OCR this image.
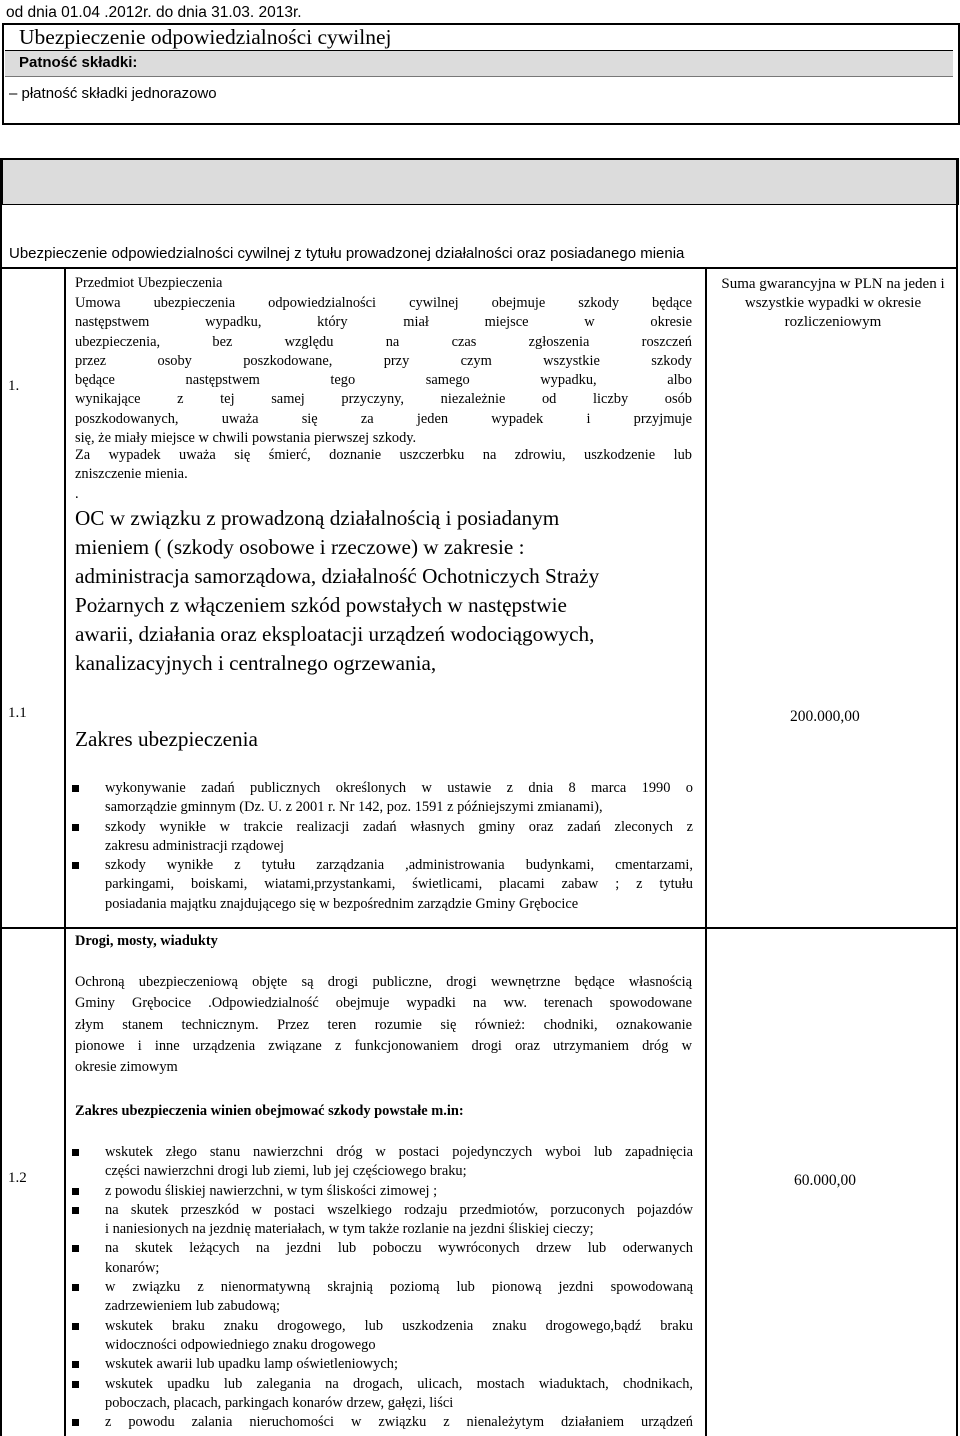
od dnia 01.04 .2012r. do dnia 31.03. 2013r.
Ubezpieczenie odpowiedzialności cywilnej
Patność składki:
– płatność składki jednorazowo
Ubezpieczenie odpowiedzialności cywilnej z tytułu prowadzonej działalności oraz posiadanego mienia
1.
Przedmiot Ubezpieczenia
Umowa ubezpieczenia odpowiedzialności cywilnej obejmuje szkody będące
następstwem wypadku, który miał miejsce w okresie
ubezpieczenia, bez względu na czas zgłoszenia roszczeń
przez osoby poszkodowane, przy czym wszystkie szkody
będące następstwem tego samego wypadku, albo
wynikające z tej samej przyczyny, niezależnie od liczby osób
poszkodowanych, uważa się za jeden wypadek i przyjmuje
się, że miały miejsce w chwili powstania pierwszej szkody.
Za wypadek uważa się śmierć, doznanie uszczerbku na zdrowiu, uszkodzenie lub
zniszczenie mienia.
.
OC w związku z prowadzoną działalnością i posiadanym
mieniem ( (szkody osobowe i rzeczowe) w zakresie :
administracja samorządowa, działalność Ochotniczych Straży
Pożarnych z włączeniem szkód powstałych w następstwie
awarii, działania oraz eksploatacji urządzeń wodociągowych,
kanalizacyjnych i centralnego ogrzewania,
Suma gwarancyjna w PLN na jeden i wszystkie wypadki w okresie rozliczeniowym
1.1
Zakres ubezpieczenia
200.000,00
wykonywanie zadań publicznych określonych w ustawie z dnia 8 marca 1990 o
samorządzie gminnym (Dz. U. z 2001 r. Nr 142, poz. 1591 z późniejszymi zmianami),
szkody wynikłe w trakcie realizacji zadań własnych gminy oraz zadań zleconych z
zakresu administracji rządowej
szkody wynikłe z tytułu zarządzania ,administrowania budynkami, cmentarzami,
parkingami, boiskami, wiatami,przystankami, świetlicami, placami zabaw ; z tytułu
posiadania majątku znajdującego się w bezpośrednim zarządzie Gminy Grębocice
1.2
Drogi, mosty, wiadukty
Ochroną ubezpieczeniową objęte są drogi publiczne, drogi wewnętrzne będące własnością
Gminy Grębocice .Odpowiedzialność obejmuje wypadki na ww. terenach spowodowane
złym stanem technicznym. Przez teren rozumie się również: chodniki, oznakowanie
pionowe i inne urządzenia związane z funkcjonowaniem drogi oraz utrzymaniem dróg w
okresie zimowym
Zakres ubezpieczenia winien obejmować szkody powstałe m.in:
60.000,00
wskutek złego stanu nawierzchni dróg w postaci pojedynczych wyboi lub zapadnięcia
części nawierzchni drogi lub ziemi, lub jej częściowego braku;
z powodu śliskiej nawierzchni, w tym śliskości zimowej ;
na skutek przeszkód w postaci wszelkiego rodzaju przedmiotów, porzuconych pojazdów
i naniesionych na jezdnię materiałach, w tym także rozlanie na jezdni śliskiej cieczy;
na skutek leżących na jezdni lub poboczu wywróconych drzew lub oderwanych
konarów;
w związku z nienormatywną skrajnią poziomą lub pionową jezdni spowodowaną
zadrzewieniem lub zabudową;
wskutek braku znaku drogowego, lub uszkodzenia znaku drogowego,bądź braku
widoczności odpowiedniego znaku drogowego
wskutek awarii lub upadku lamp oświetleniowych;
wskutek upadku lub zalegania na drogach, ulicach, mostach wiaduktach, chodnikach,
poboczach, placach, parkingach konarów drzew, gałęzi, liści
z powodu zalania nieruchomości w związku z nienależytym działaniem urządzeń
